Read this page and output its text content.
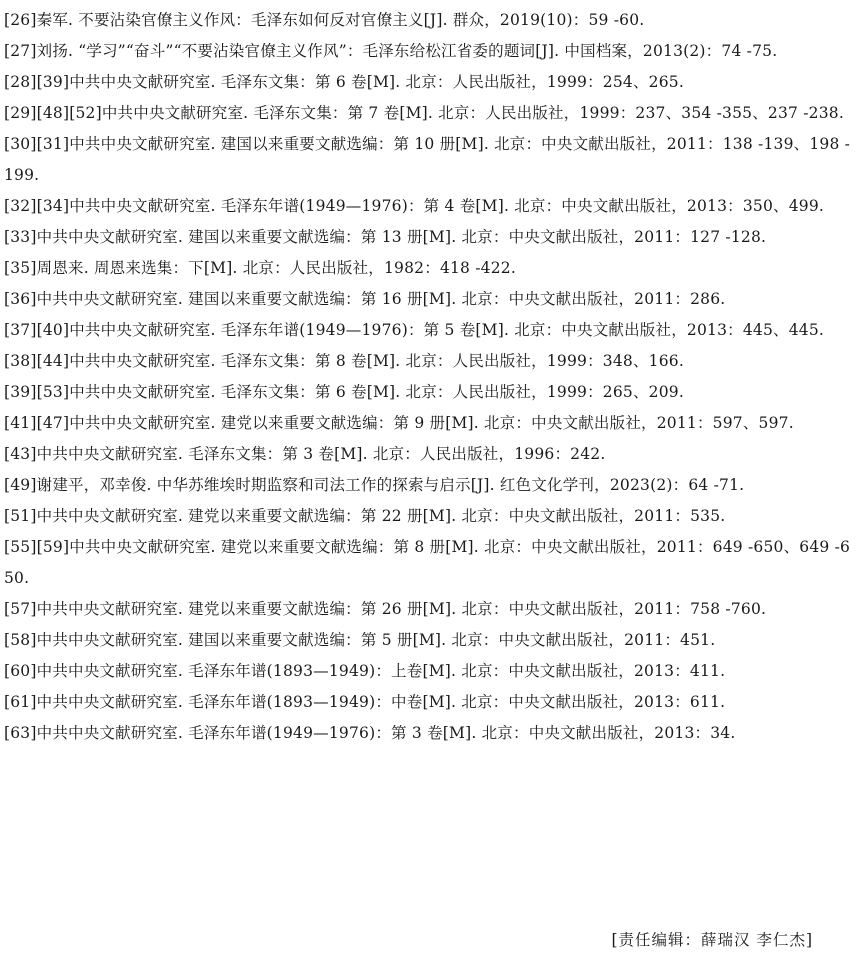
[26]秦军. 不要沾染官僚主义作风：毛泽东如何反对官僚主义[J]. 群众，2019(10)：59 -60.
[27]刘扬. “学习”“奋斗”“不要沾染官僚主义作风”：毛泽东给松江省委的题词[J]. 中国档案，2013(2)：74 -75.
[28][39]中共中央文献研究室. 毛泽东文集：第 6 卷[M]. 北京：人民出版社，1999：254、265.
[29][48][52]中共中央文献研究室. 毛泽东文集：第 7 卷[M]. 北京：人民出版社，1999：237、354 -355、237 -238.
[30][31]中共中央文献研究室. 建国以来重要文献选编：第 10 册[M]. 北京：中央文献出版社，2011：138 -139、198 -199.
[32][34]中共中央文献研究室. 毛泽东年谱(1949—1976)：第 4 卷[M]. 北京：中央文献出版社，2013：350、499.
[33]中共中央文献研究室. 建国以来重要文献选编：第 13 册[M]. 北京：中央文献出版社，2011：127 -128.
[35]周恩来. 周恩来选集：下[M]. 北京：人民出版社，1982：418 -422.
[36]中共中央文献研究室. 建国以来重要文献选编：第 16 册[M]. 北京：中央文献出版社，2011：286.
[37][40]中共中央文献研究室. 毛泽东年谱(1949—1976)：第 5 卷[M]. 北京：中央文献出版社，2013：445、445.
[38][44]中共中央文献研究室. 毛泽东文集：第 8 卷[M]. 北京：人民出版社，1999：348、166.
[39][53]中共中央文献研究室. 毛泽东文集：第 6 卷[M]. 北京：人民出版社，1999：265、209.
[41][47]中共中央文献研究室. 建党以来重要文献选编：第 9 册[M]. 北京：中央文献出版社，2011：597、597.
[43]中共中央文献研究室. 毛泽东文集：第 3 卷[M]. 北京：人民出版社，1996：242.
[49]谢建平，邓幸俊. 中华苏维埃时期监察和司法工作的探索与启示[J]. 红色文化学刊，2023(2)：64 -71.
[51]中共中央文献研究室. 建党以来重要文献选编：第 22 册[M]. 北京：中央文献出版社，2011：535.
[55][59]中共中央文献研究室. 建党以来重要文献选编：第 8 册[M]. 北京：中央文献出版社，2011：649 -650、649 -650.
[57]中共中央文献研究室. 建党以来重要文献选编：第 26 册[M]. 北京：中央文献出版社，2011：758 -760.
[58]中共中央文献研究室. 建国以来重要文献选编：第 5 册[M]. 北京：中央文献出版社，2011：451.
[60]中共中央文献研究室. 毛泽东年谱(1893—1949)：上卷[M]. 北京：中央文献出版社，2013：411.
[61]中共中央文献研究室. 毛泽东年谱(1893—1949)：中卷[M]. 北京：中央文献出版社，2013：611.
[63]中共中央文献研究室. 毛泽东年谱(1949—1976)：第 3 卷[M]. 北京：中央文献出版社，2013：34.
[责任编辑：薛瑞汉 李仁杰]
